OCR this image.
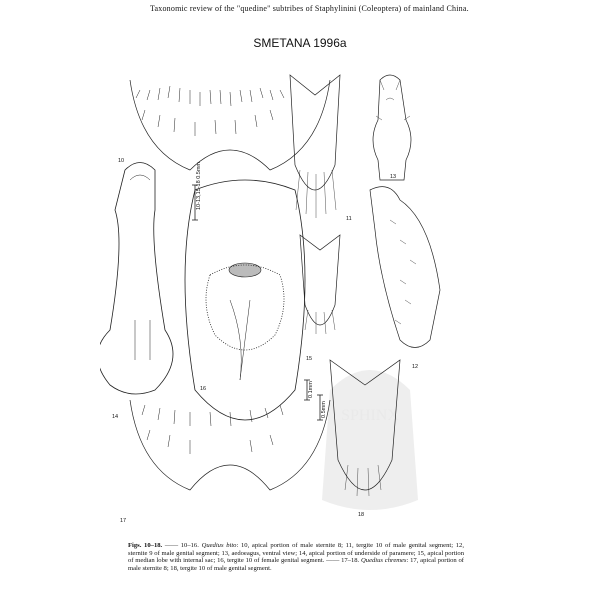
Taxonomic review of the "quedine" subtribes of Staphylinini (Coleoptera) of mainland China.
SMETANA 1996a
SPHINX
10
11
13
14
10-13,15-18 0.5mm
16
15
12
0.1mm
17
18
0.5mm
Figs. 10–18. —— 10–16. Quedius bito: 10, apical portion of male sternite 8; 11, tergite 10 of male genital segment; 12, sternite 9 of male genital segment; 13, aedoeagus, ventral view; 14, apical portion of underside of paramere; 15, apical portion of median lobe with internal sac; 16, tergite 10 of female genital segment. —— 17–18. Quedius chremes: 17, apical portion of male sternite 8; 18, tergite 10 of male genital segment.
